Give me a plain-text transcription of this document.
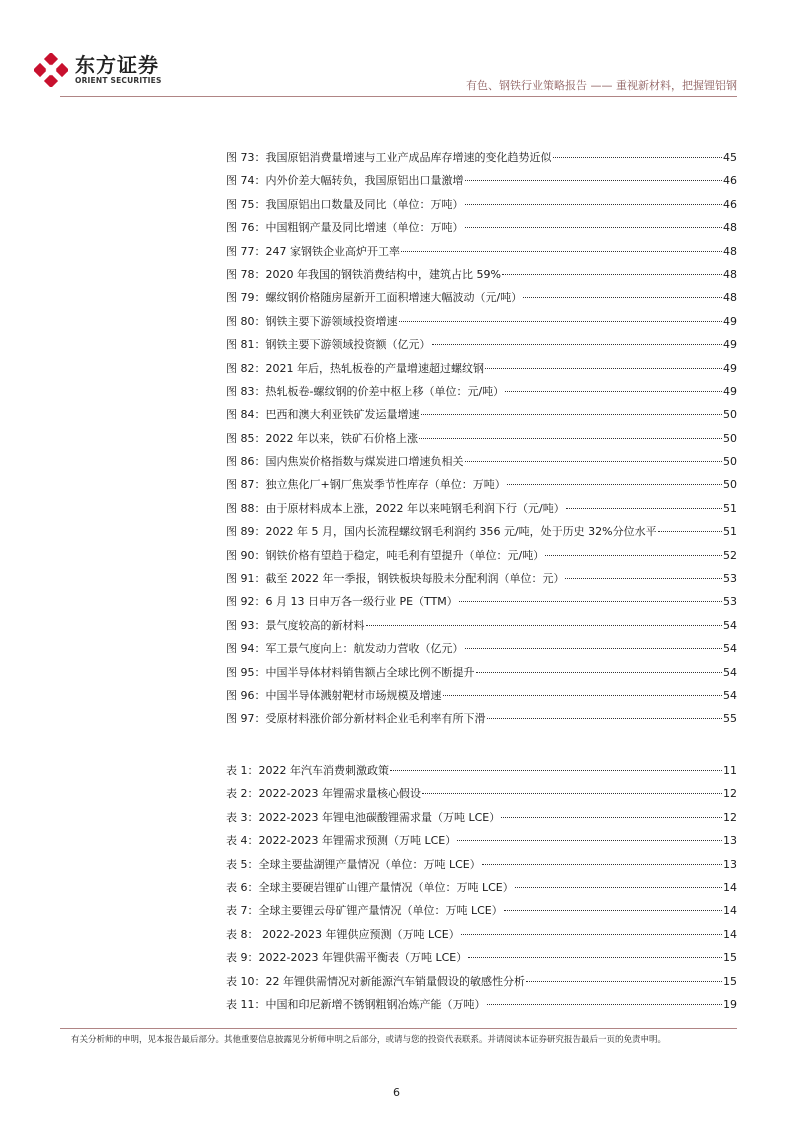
东方证券
ORIENT SECURITIES	有色、钢铁行业策略报告 —— 重视新材料，把握锂铝钢
图 73：我国原铝消费量增速与工业产成品库存增速的变化趋势近似	45
图 74：内外价差大幅转负，我国原铝出口量激增	46
图 75：我国原铝出口数量及同比（单位：万吨）	46
图 76：中国粗钢产量及同比增速（单位：万吨）	48
图 77：247 家钢铁企业高炉开工率	48
图 78：2020 年我国的钢铁消费结构中，建筑占比 59%	48
图 79：螺纹钢价格随房屋新开工面积增速大幅波动（元/吨）	48
图 80：钢铁主要下游领域投资增速	49
图 81：钢铁主要下游领域投资额（亿元）	49
图 82：2021 年后，热轧板卷的产量增速超过螺纹钢	49
图 83：热轧板卷-螺纹钢的价差中枢上移（单位：元/吨）	49
图 84：巴西和澳大利亚铁矿发运量增速	50
图 85：2022 年以来，铁矿石价格上涨	50
图 86：国内焦炭价格指数与煤炭进口增速负相关	50
图 87：独立焦化厂+钢厂焦炭季节性库存（单位：万吨）	50
图 88：由于原材料成本上涨，2022 年以来吨钢毛利润下行（元/吨）	51
图 89：2022 年 5 月，国内长流程螺纹钢毛利润约 356 元/吨，处于历史 32%分位水平	51
图 90：钢铁价格有望趋于稳定，吨毛利有望提升（单位：元/吨）	52
图 91：截至 2022 年一季报，钢铁板块每股未分配利润（单位：元）	53
图 92：6 月 13 日申万各一级行业 PE（TTM）	53
图 93：景气度较高的新材料	54
图 94：军工景气度向上：航发动力营收（亿元）	54
图 95：中国半导体材料销售额占全球比例不断提升	54
图 96：中国半导体溅射靶材市场规模及增速	54
图 97：受原材料涨价部分新材料企业毛利率有所下滑	55
表 1：2022 年汽车消费刺激政策	11
表 2：2022-2023 年锂需求量核心假设	12
表 3：2022-2023 年锂电池碳酸锂需求量（万吨 LCE）	12
表 4：2022-2023 年锂需求预测（万吨 LCE）	13
表 5：全球主要盐湖锂产量情况（单位：万吨 LCE）	13
表 6：全球主要硬岩锂矿山锂产量情况（单位：万吨 LCE）	14
表 7：全球主要锂云母矿锂产量情况（单位：万吨 LCE）	14
表 8： 2022-2023 年锂供应预测（万吨 LCE）	14
表 9：2022-2023 年锂供需平衡表（万吨 LCE）	15
表 10：22 年锂供需情况对新能源汽车销量假设的敏感性分析	15
表 11：中国和印尼新增不锈钢粗钢冶炼产能（万吨）	19
有关分析师的申明，见本报告最后部分。其他重要信息披露见分析师申明之后部分，或请与您的投资代表联系。并请阅读本证券研究报告最后一页的免责申明。
6
